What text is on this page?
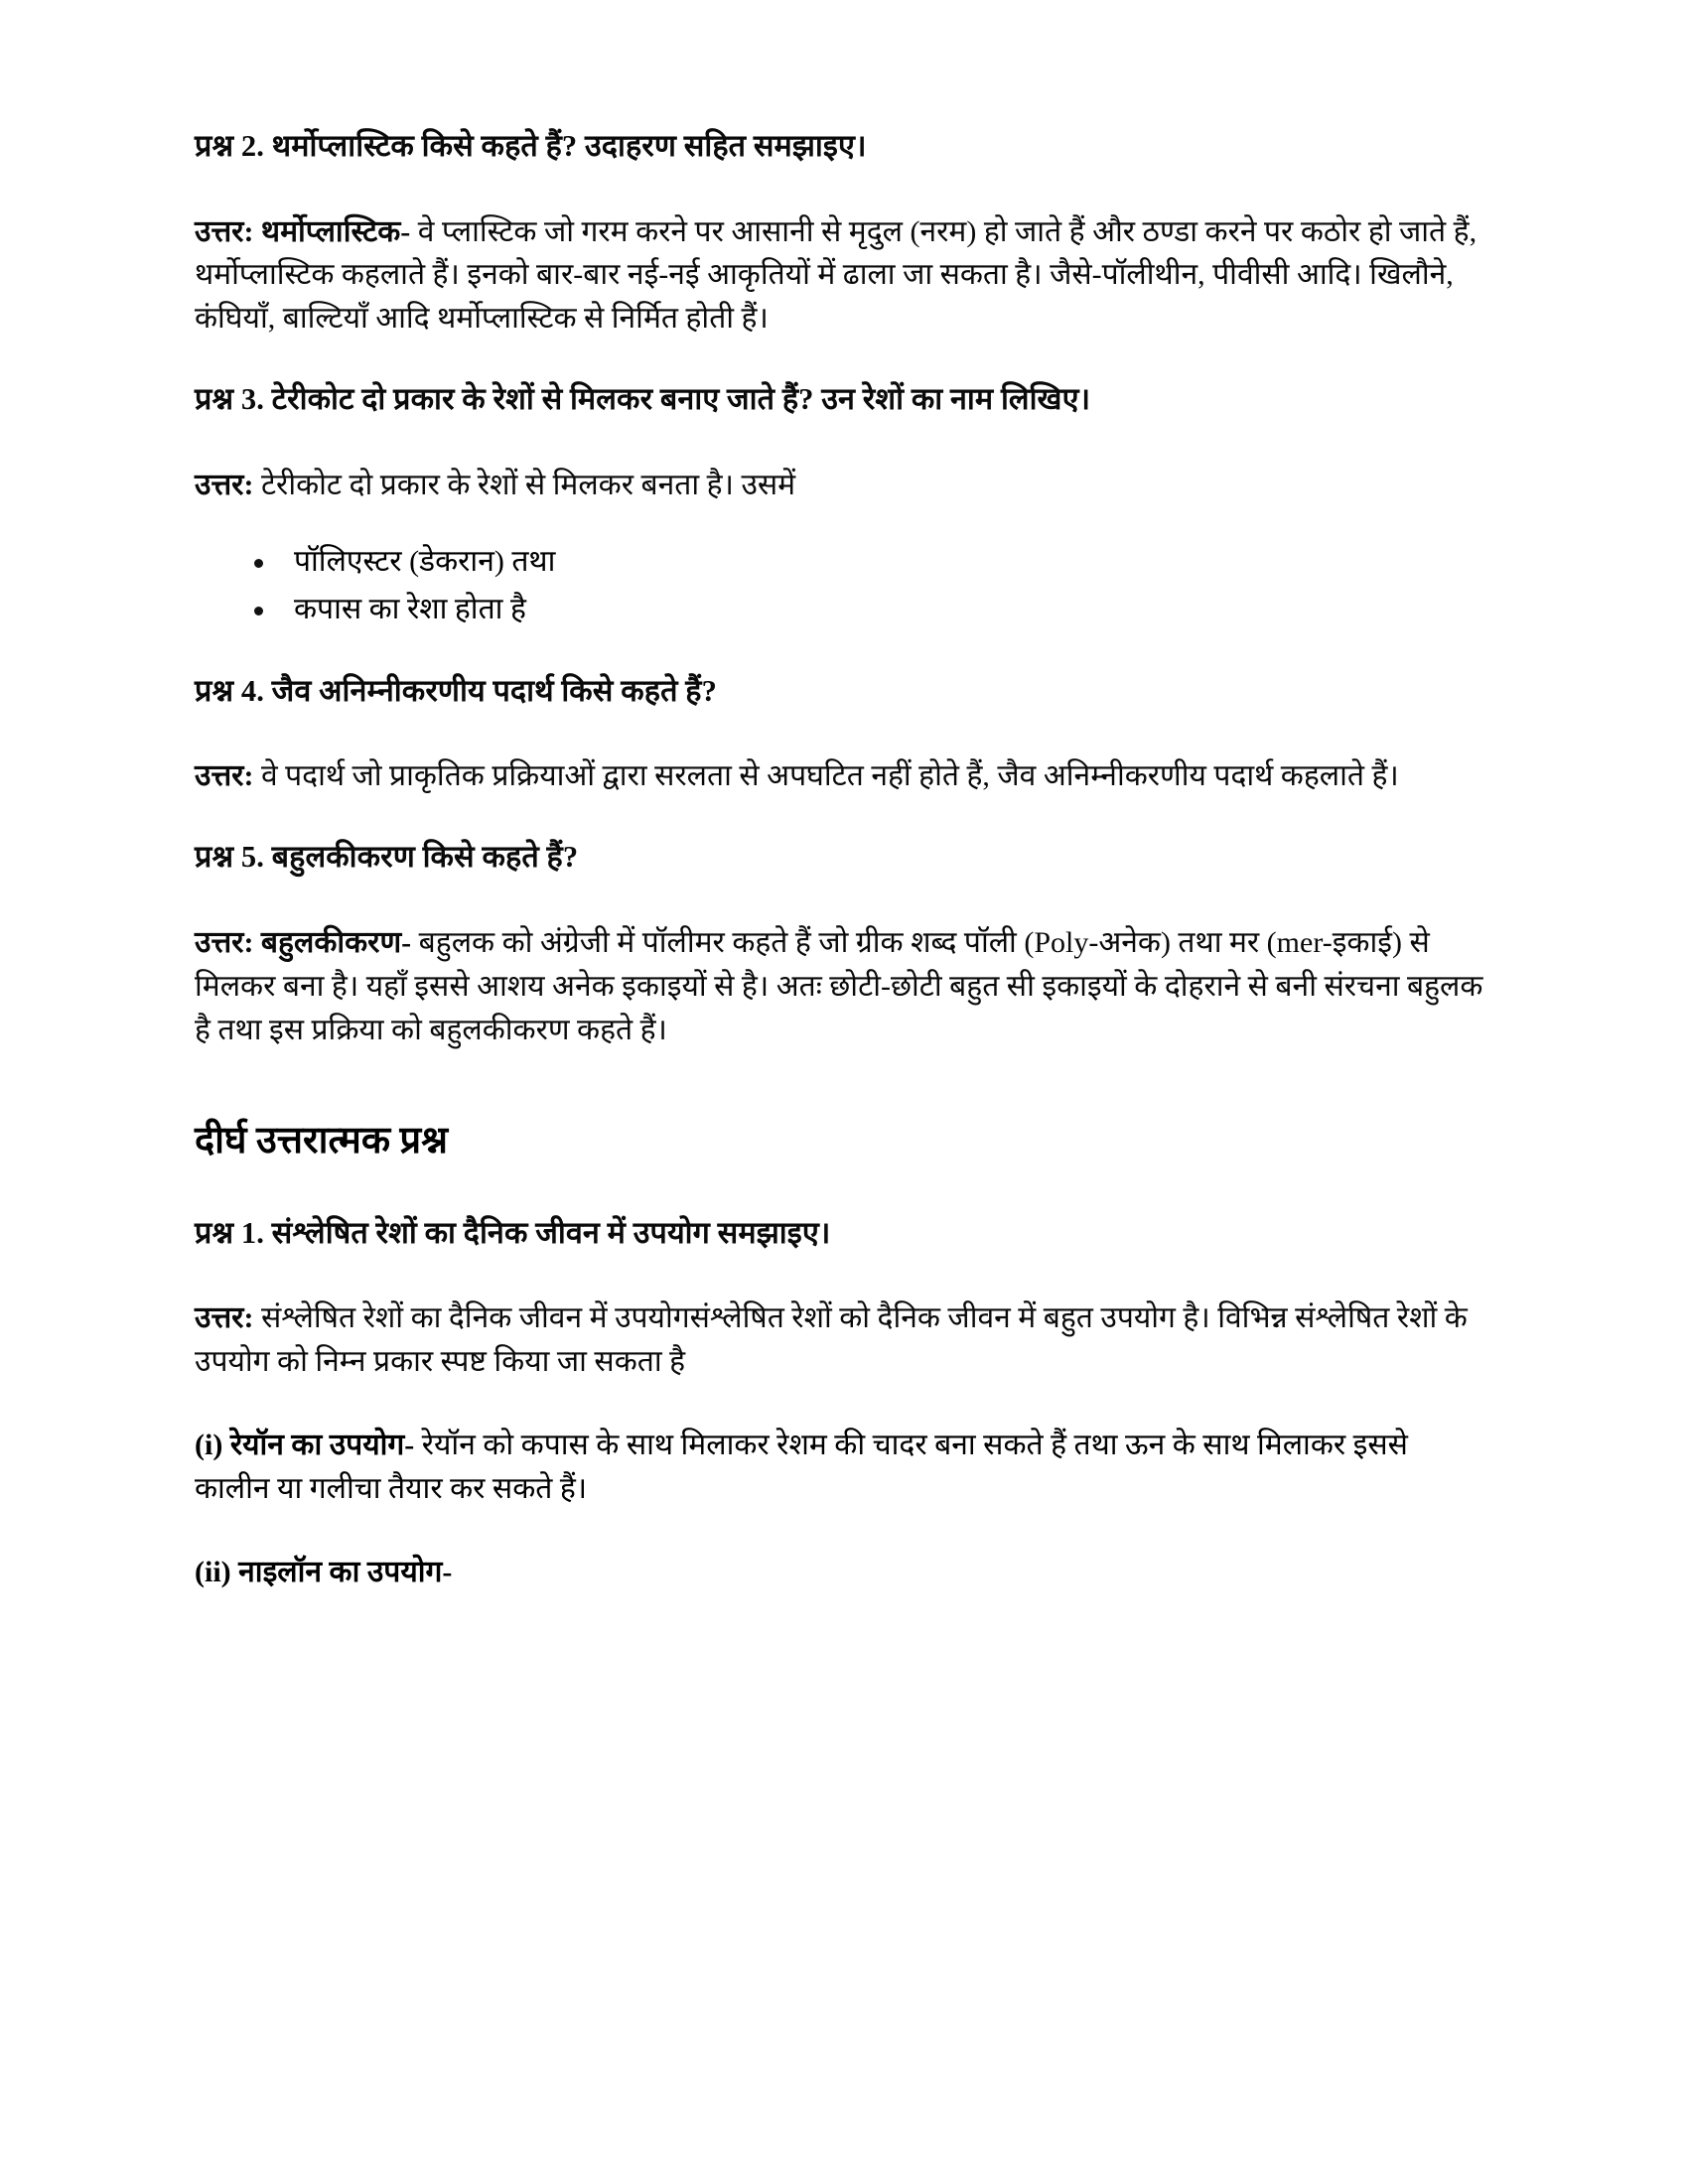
प्रश्न 2. थर्मोप्लास्टिक किसे कहते हैं? उदाहरण सहित समझाइए।

उत्तर: थर्मोप्लास्टिक- वे प्लास्टिक जो गरम करने पर आसानी से मृदुल (नरम) हो जाते हैं और ठण्डा करने पर कठोर हो जाते हैं, थर्मोप्लास्टिक कहलाते हैं। इनको बार-बार नई-नई आकृतियों में ढाला जा सकता है। जैसे-पॉलीथीन, पीवीसी आदि। खिलौने, कंघियाँ, बाल्टियाँ आदि थर्मोप्लास्टिक से निर्मित होती हैं।

प्रश्न 3. टेरीकोट दो प्रकार के रेशों से मिलकर बनाए जाते हैं? उन रेशों का नाम लिखिए।

उत्तर: टेरीकोट दो प्रकार के रेशों से मिलकर बनता है। उसमें

पॉलिएस्टर (डेकरान) तथा
कपास का रेशा होता है
प्रश्न 4. जैव अनिम्नीकरणीय पदार्थ किसे कहते हैं?

उत्तर: वे पदार्थ जो प्राकृतिक प्रक्रियाओं द्वारा सरलता से अपघटित नहीं होते हैं, जैव अनिम्नीकरणीय पदार्थ कहलाते हैं।

प्रश्न 5. बहुलकीकरण किसे कहते हैं?

उत्तर: बहुलकीकरण- बहुलक को अंग्रेजी में पॉलीमर कहते हैं जो ग्रीक शब्द पॉली (Poly-अनेक) तथा मर (mer-इकाई) से मिलकर बना है। यहाँ इससे आशय अनेक इकाइयों से है। अतः छोटी-छोटी बहुत सी इकाइयों के दोहराने से बनी संरचना बहुलक है तथा इस प्रक्रिया को बहुलकीकरण कहते हैं।

दीर्घ उत्तरात्मक प्रश्न
प्रश्न 1. संश्लेषित रेशों का दैनिक जीवन में उपयोग समझाइए।

उत्तर: संश्लेषित रेशों का दैनिक जीवन में उपयोगसंश्लेषित रेशों को दैनिक जीवन में बहुत उपयोग है। विभिन्न संश्लेषित रेशों के उपयोग को निम्न प्रकार स्पष्ट किया जा सकता है

(i) रेयॉन का उपयोग- रेयॉन को कपास के साथ मिलाकर रेशम की चादर बना सकते हैं तथा ऊन के साथ मिलाकर इससे कालीन या गलीचा तैयार कर सकते हैं।

(ii) नाइलॉन का उपयोग-
